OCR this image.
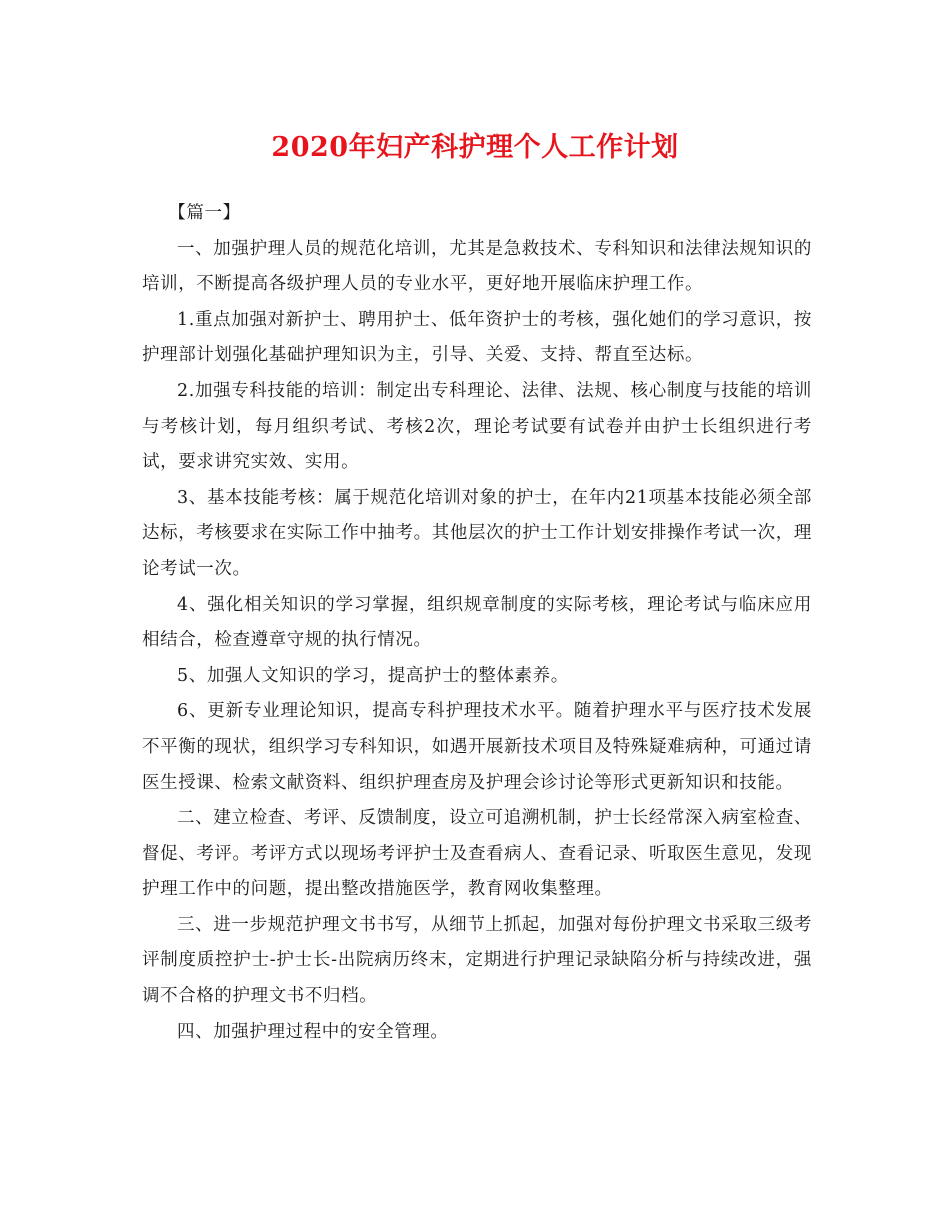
2020年妇产科护理个人工作计划

【篇一】

一、加强护理人员的规范化培训，尤其是急救技术、专科知识和法律法规知识的培训，不断提高各级护理人员的专业水平，更好地开展临床护理工作。

1.重点加强对新护士、聘用护士、低年资护士的考核，强化她们的学习意识，按护理部计划强化基础护理知识为主，引导、关爱、支持、帮直至达标。

2.加强专科技能的培训：制定出专科理论、法律、法规、核心制度与技能的培训与考核计划，每月组织考试、考核2次，理论考试要有试卷并由护士长组织进行考试，要求讲究实效、实用。

3、基本技能考核：属于规范化培训对象的护士，在年内21项基本技能必须全部达标，考核要求在实际工作中抽考。其他层次的护士工作计划安排操作考试一次，理论考试一次。

4、强化相关知识的学习掌握，组织规章制度的实际考核，理论考试与临床应用相结合，检查遵章守规的执行情况。

5、加强人文知识的学习，提高护士的整体素养。

6、更新专业理论知识，提高专科护理技术水平。随着护理水平与医疗技术发展不平衡的现状，组织学习专科知识，如遇开展新技术项目及特殊疑难病种，可通过请医生授课、检索文献资料、组织护理查房及护理会诊讨论等形式更新知识和技能。

二、建立检查、考评、反馈制度，设立可追溯机制，护士长经常深入病室检查、督促、考评。考评方式以现场考评护士及查看病人、查看记录、听取医生意见，发现护理工作中的问题，提出整改措施医学，教育网收集整理。

三、进一步规范护理文书书写，从细节上抓起，加强对每份护理文书采取三级考评制度质控护士-护士长-出院病历终末，定期进行护理记录缺陷分析与持续改进，强调不合格的护理文书不归档。

四、加强护理过程中的安全管理。
